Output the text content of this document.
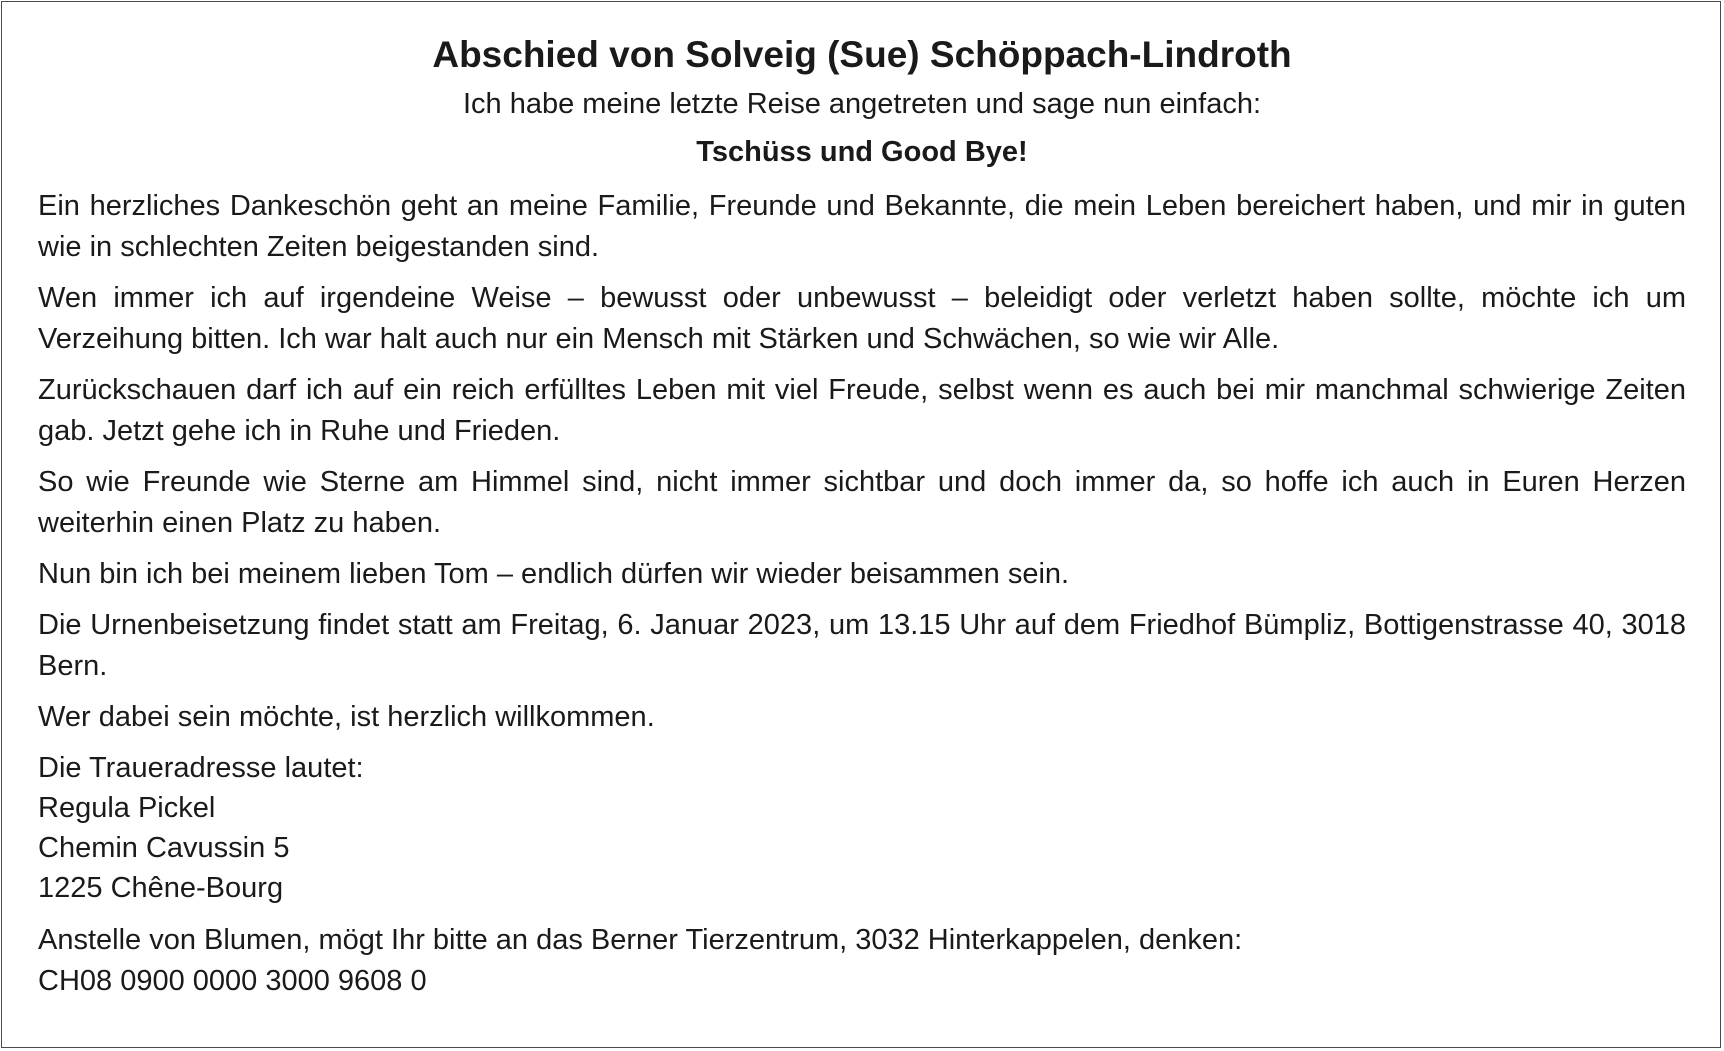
Abschied von Solveig (Sue) Schöppach-Lindroth

Ich habe meine letzte Reise angetreten und sage nun einfach:

Tschüss und Good Bye!

Ein herzliches Dankeschön geht an meine Familie, Freunde und Bekannte, die mein Leben bereichert haben, und mir in guten wie in schlechten Zeiten beigestanden sind.

Wen immer ich auf irgendeine Weise – bewusst oder unbewusst – beleidigt oder verletzt haben sollte, möchte ich um Verzeihung bitten. Ich war halt auch nur ein Mensch mit Stärken und Schwächen, so wie wir Alle.

Zurückschauen darf ich auf ein reich erfülltes Leben mit viel Freude, selbst wenn es auch bei mir manchmal schwierige Zeiten gab. Jetzt gehe ich in Ruhe und Frieden.

So wie Freunde wie Sterne am Himmel sind, nicht immer sichtbar und doch immer da, so hoffe ich auch in Euren Herzen weiterhin einen Platz zu haben.

Nun bin ich bei meinem lieben Tom – endlich dürfen wir wieder beisammen sein.

Die Urnenbeisetzung findet statt am Freitag, 6. Januar 2023, um 13.15 Uhr auf dem Friedhof Bümpliz, Bottigenstrasse 40, 3018 Bern.

Wer dabei sein möchte, ist herzlich willkommen.

Die Traueradresse lautet:
Regula Pickel
Chemin Cavussin 5
1225 Chêne-Bourg
Anstelle von Blumen, mögt Ihr bitte an das Berner Tierzentrum, 3032 Hinterkappelen, denken:
CH08 0900 0000 3000 9608 0
